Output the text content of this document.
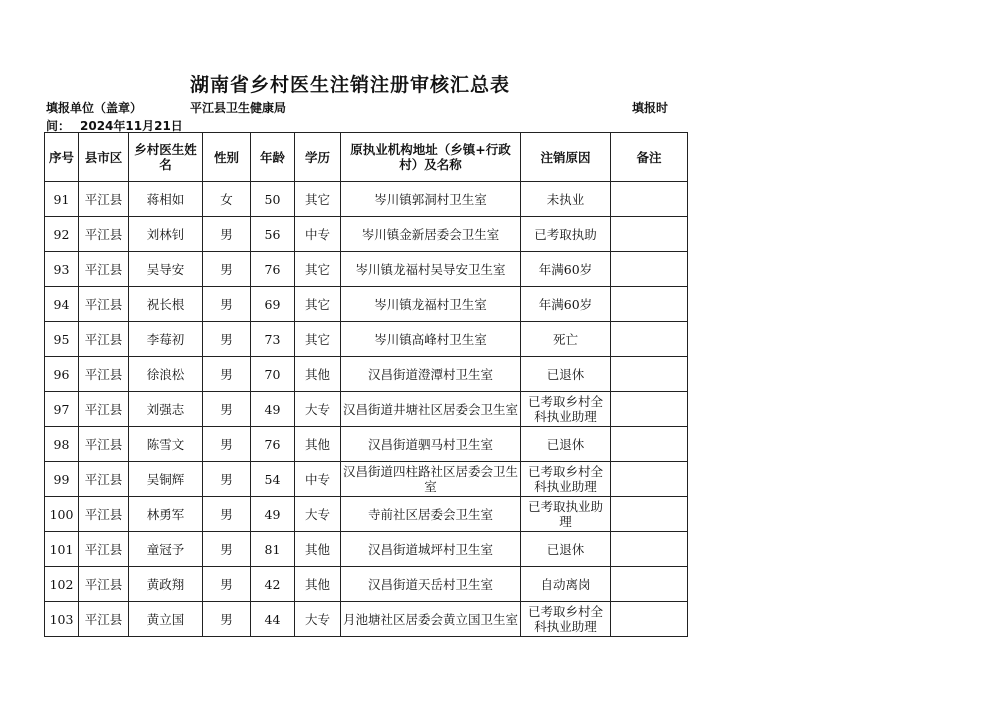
湖南省乡村医生注销注册审核汇总表
填报单位（盖章）	平江县卫生健康局	填报时
间： 2024年11月21日
序号	县市区	乡村医生姓名	性别	年龄	学历	原执业机构地址（乡镇+行政村）及名称	注销原因	备注
91	平江县	蒋相如	女	50	其它	岑川镇郭洞村卫生室	未执业	
92	平江县	刘林钊	男	56	中专	岑川镇金新居委会卫生室	已考取执助	
93	平江县	吴导安	男	76	其它	岑川镇龙福村吴导安卫生室	年满60岁	
94	平江县	祝长根	男	69	其它	岑川镇龙福村卫生室	年满60岁	
95	平江县	李莓初	男	73	其它	岑川镇高峰村卫生室	死亡	
96	平江县	徐浪松	男	70	其他	汉昌街道澄潭村卫生室	已退休	
97	平江县	刘强志	男	49	大专	汉昌街道井塘社区居委会卫生室	已考取乡村全科执业助理	
98	平江县	陈雪文	男	76	其他	汉昌街道驷马村卫生室	已退休	
99	平江县	吴铜辉	男	54	中专	汉昌街道四柱路社区居委会卫生室	已考取乡村全科执业助理	
100	平江县	林勇军	男	49	大专	寺前社区居委会卫生室	已考取执业助理	
101	平江县	童冠予	男	81	其他	汉昌街道城坪村卫生室	已退休	
102	平江县	黄政翔	男	42	其他	汉昌街道天岳村卫生室	自动离岗	
103	平江县	黄立国	男	44	大专	月池塘社区居委会黄立国卫生室	已考取乡村全科执业助理	
